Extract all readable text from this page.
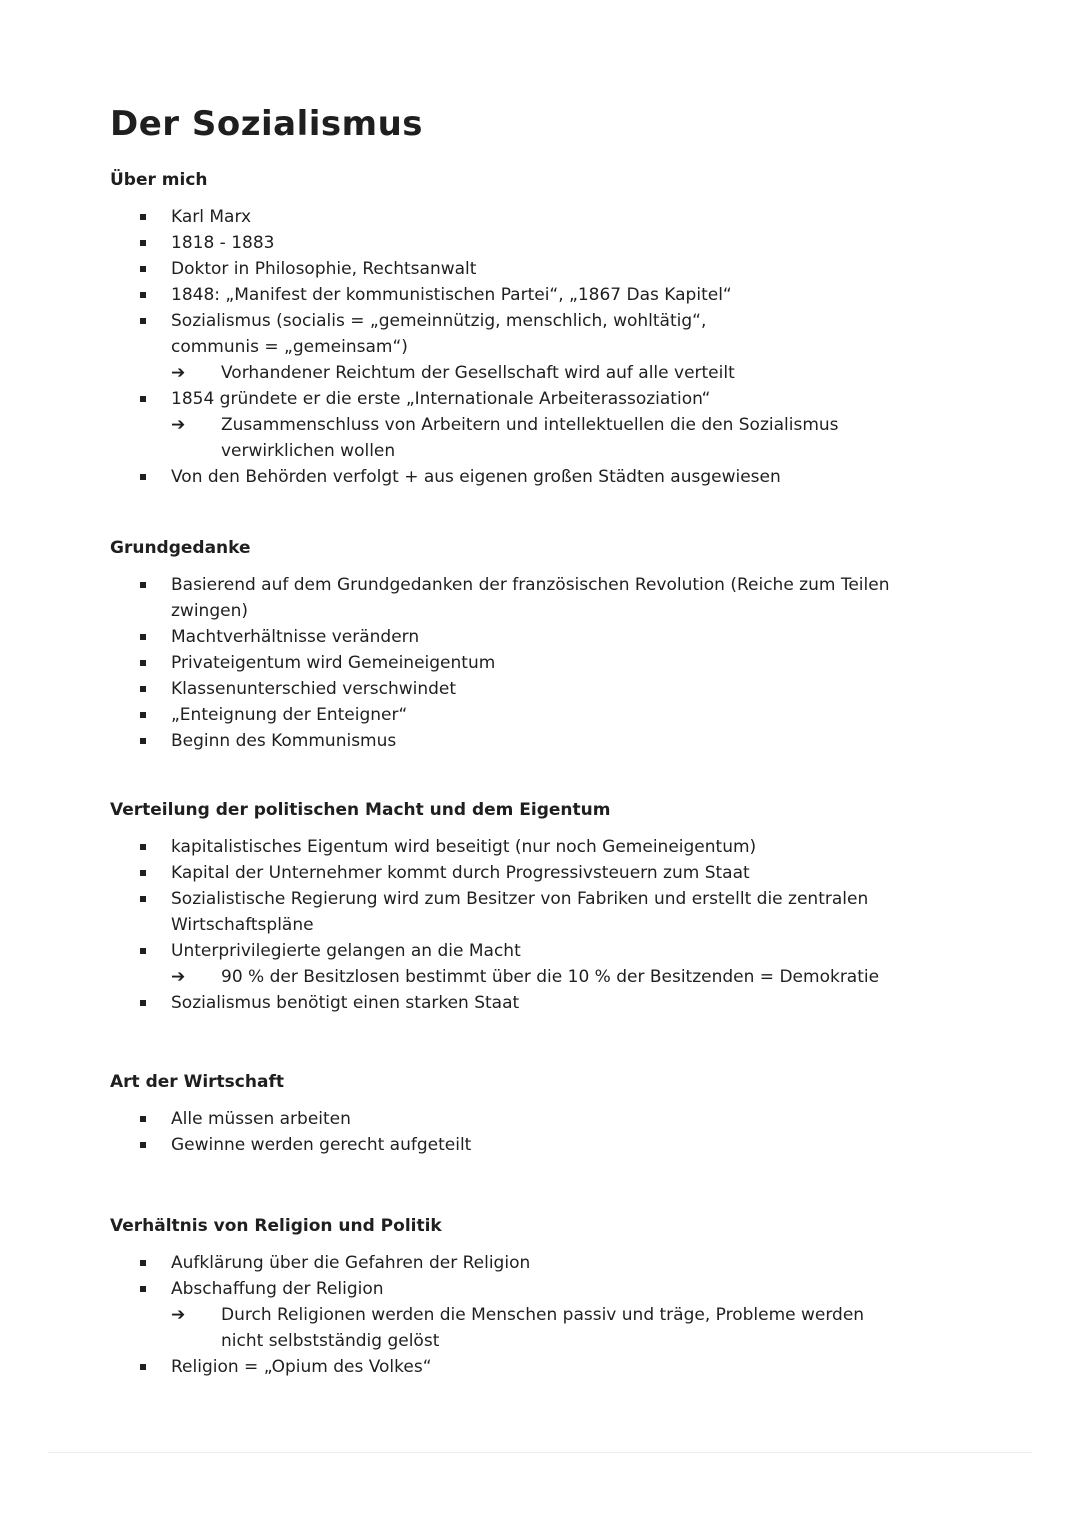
Der Sozialismus
Über mich
Karl Marx
1818 - 1883
Doktor in Philosophie, Rechtsanwalt
1848: „Manifest der kommunistischen Partei“, „1867 Das Kapitel“
Sozialismus (socialis = „gemeinnützig, menschlich, wohltätig“,
communis = „gemeinsam“)
➔ Vorhandener Reichtum der Gesellschaft wird auf alle verteilt
1854 gründete er die erste „Internationale Arbeiterassoziation“
➔ Zusammenschluss von Arbeitern und intellektuellen die den Sozialismus verwirklichen wollen
Von den Behörden verfolgt + aus eigenen großen Städten ausgewiesen
Grundgedanke
Basierend auf dem Grundgedanken der französischen Revolution (Reiche zum Teilen zwingen)
Machtverhältnisse verändern
Privateigentum wird Gemeineigentum
Klassenunterschied verschwindet
„Enteignung der Enteigner“
Beginn des Kommunismus
Verteilung der politischen Macht und dem Eigentum
kapitalistisches Eigentum wird beseitigt (nur noch Gemeineigentum)
Kapital der Unternehmer kommt durch Progressivsteuern zum Staat
Sozialistische Regierung wird zum Besitzer von Fabriken und erstellt die zentralen Wirtschaftspläne
Unterprivilegierte gelangen an die Macht
➔ 90 % der Besitzlosen bestimmt über die 10 % der Besitzenden = Demokratie
Sozialismus benötigt einen starken Staat
Art der Wirtschaft
Alle müssen arbeiten
Gewinne werden gerecht aufgeteilt
Verhältnis von Religion und Politik
Aufklärung über die Gefahren der Religion
Abschaffung der Religion
➔ Durch Religionen werden die Menschen passiv und träge, Probleme werden nicht selbstständig gelöst
Religion = „Opium des Volkes“
